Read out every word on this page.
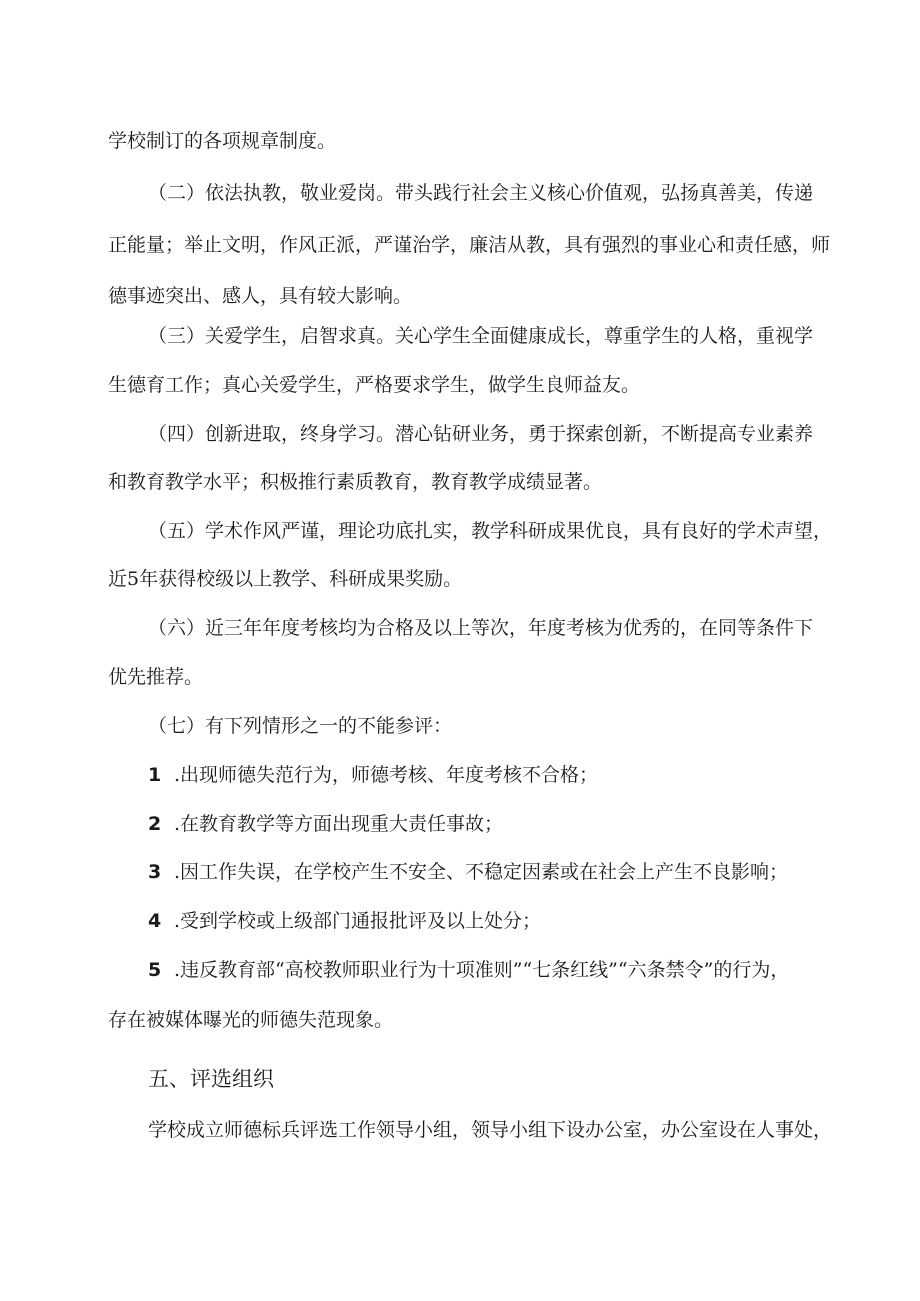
学校制订的各项规章制度。
（二）依法执教，敬业爱岗。带头践行社会主义核心价值观，弘扬真善美，传递
正能量；举止文明，作风正派，严谨治学，廉洁从教，具有强烈的事业心和责任感，师
德事迹突出、感人，具有较大影响。
（三）关爱学生，启智求真。关心学生全面健康成长，尊重学生的人格，重视学
生德育工作；真心关爱学生，严格要求学生，做学生良师益友。
（四）创新进取，终身学习。潜心钻研业务，勇于探索创新，不断提高专业素养
和教育教学水平；积极推行素质教育，教育教学成绩显著。
（五）学术作风严谨，理论功底扎实，教学科研成果优良，具有良好的学术声望，
近5年获得校级以上教学、科研成果奖励。
（六）近三年年度考核均为合格及以上等次，年度考核为优秀的，在同等条件下
优先推荐。
（七）有下列情形之一的不能参评：
1 .出现师德失范行为，师德考核、年度考核不合格；
2 .在教育教学等方面出现重大责任事故；
3 .因工作失误，在学校产生不安全、不稳定因素或在社会上产生不良影响；
4 .受到学校或上级部门通报批评及以上处分；
5 .违反教育部“高校教师职业行为十项准则”“七条红线”“六条禁令”的行为，
存在被媒体曝光的师德失范现象。
五、评选组织
学校成立师德标兵评选工作领导小组，领导小组下设办公室，办公室设在人事处，
